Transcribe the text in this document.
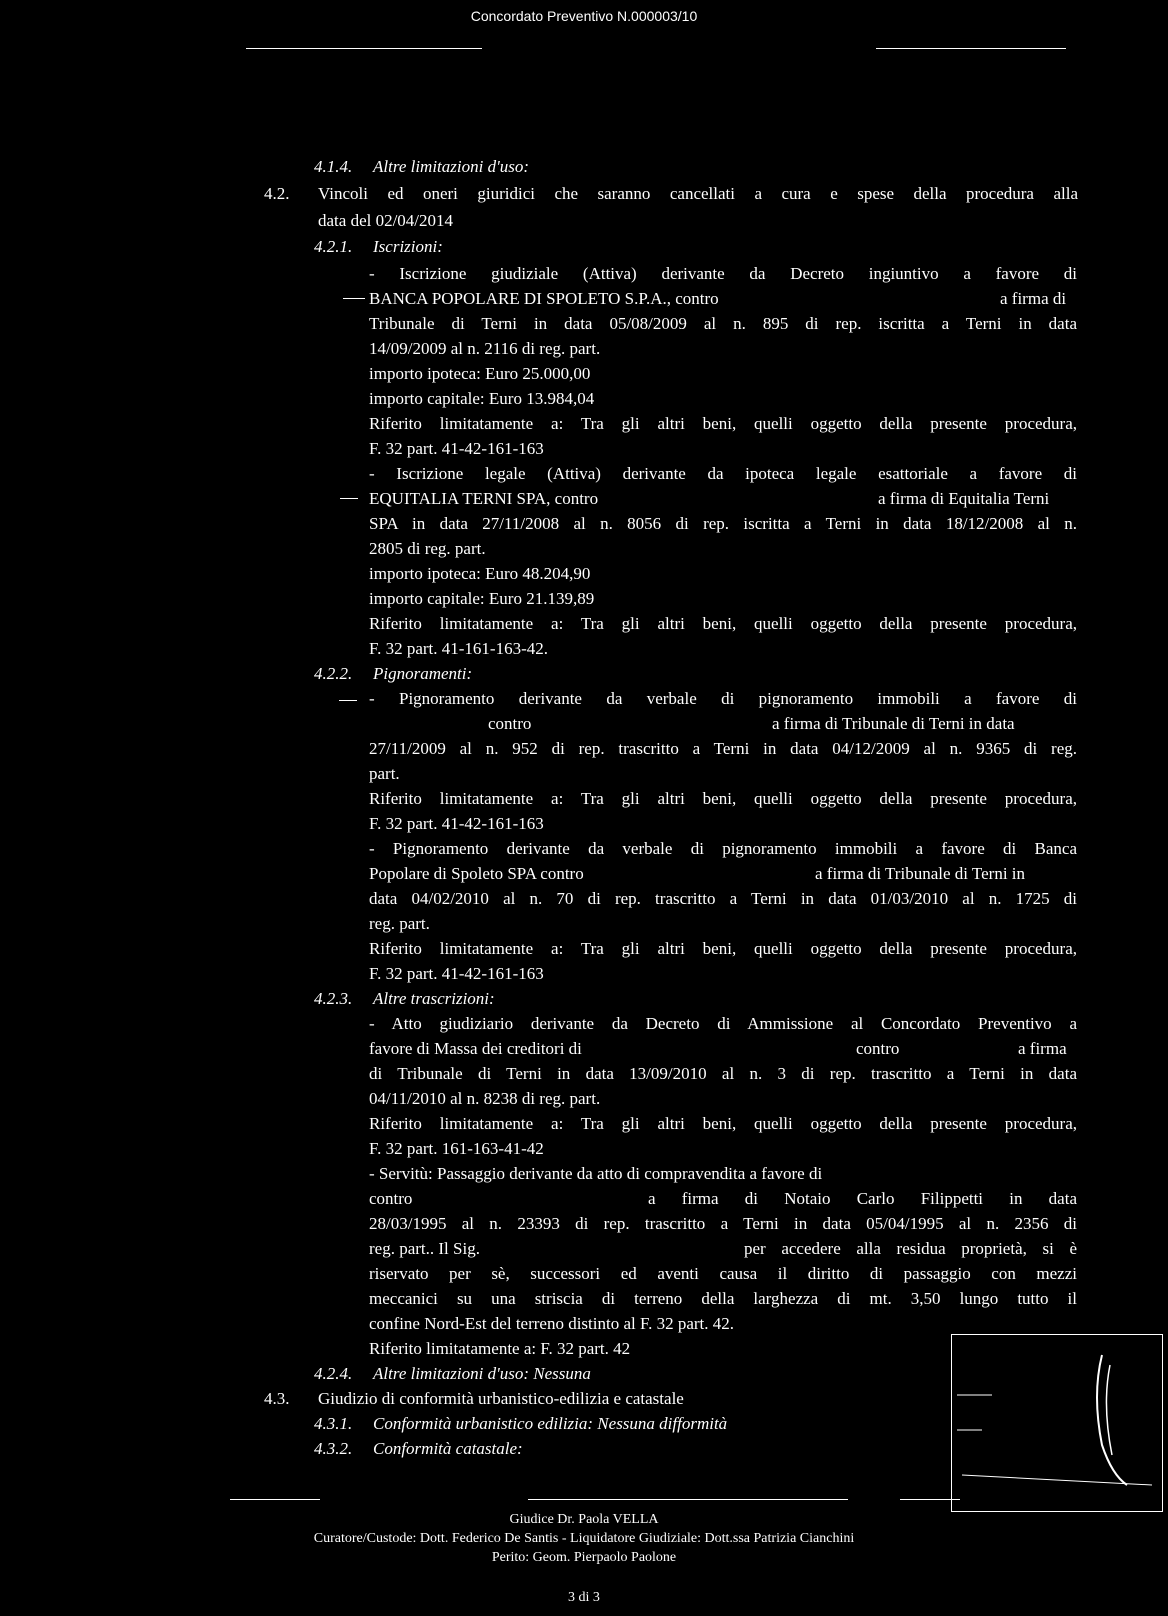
Concordato Preventivo N.000003/10
4.1.4. Altre limitazioni d'uso:
4.2. Vincoli ed oneri giuridici che saranno cancellati a cura e spese della procedura alla
data del 02/04/2014
4.2.1. Iscrizioni:
- Iscrizione giudiziale (Attiva) derivante da Decreto ingiuntivo a favore di
BANCA POPOLARE DI SPOLETO S.P.A., contro	a firma di
Tribunale di Terni in data 05/08/2009 al n. 895 di rep. iscritta a Terni in data
14/09/2009 al n. 2116 di reg. part.
importo ipoteca: Euro 25.000,00
importo capitale: Euro 13.984,04
Riferito limitatamente a: Tra gli altri beni, quelli oggetto della presente procedura,
F. 32 part. 41-42-161-163
- Iscrizione legale (Attiva) derivante da ipoteca legale esattoriale a favore di
EQUITALIA TERNI SPA, contro	a firma di Equitalia Terni
SPA in data 27/11/2008 al n. 8056 di rep. iscritta a Terni in data 18/12/2008 al n.
2805 di reg. part.
importo ipoteca: Euro 48.204,90
importo capitale: Euro 21.139,89
Riferito limitatamente a: Tra gli altri beni, quelli oggetto della presente procedura,
F. 32 part. 41-161-163-42.
4.2.2. Pignoramenti:
- Pignoramento derivante da verbale di pignoramento immobili a favore di
contro	a firma di Tribunale di Terni in data
27/11/2009 al n. 952 di rep. trascritto a Terni in data 04/12/2009 al n. 9365 di reg.
part.
Riferito limitatamente a: Tra gli altri beni, quelli oggetto della presente procedura,
F. 32 part. 41-42-161-163
- Pignoramento derivante da verbale di pignoramento immobili a favore di Banca
Popolare di Spoleto SPA contro	a firma di Tribunale di Terni in
data 04/02/2010 al n. 70 di rep. trascritto a Terni in data 01/03/2010 al n. 1725 di
reg. part.
Riferito limitatamente a: Tra gli altri beni, quelli oggetto della presente procedura,
F. 32 part. 41-42-161-163
4.2.3. Altre trascrizioni:
- Atto giudiziario derivante da Decreto di Ammissione al Concordato Preventivo a
favore di Massa dei creditori di	contro	a firma
di Tribunale di Terni in data 13/09/2010 al n. 3 di rep. trascritto a Terni in data
04/11/2010 al n. 8238 di reg. part.
Riferito limitatamente a: Tra gli altri beni, quelli oggetto della presente procedura,
F. 32 part. 161-163-41-42
- Servitù: Passaggio derivante da atto di compravendita a favore di
contro	a firma di Notaio Carlo Filippetti in data
28/03/1995 al n. 23393 di rep. trascritto a Terni in data 05/04/1995 al n. 2356 di
reg. part.. Il Sig.	per accedere alla residua proprietà, si è
riservato per sè, successori ed aventi causa il diritto di passaggio con mezzi
meccanici su una striscia di terreno della larghezza di mt. 3,50 lungo tutto il
confine Nord-Est del terreno distinto al F. 32 part. 42.
Riferito limitatamente a: F. 32 part. 42
4.2.4. Altre limitazioni d'uso: Nessuna
4.3. Giudizio di conformità urbanistico-edilizia e catastale
4.3.1. Conformità urbanistico edilizia: Nessuna difformità
4.3.2. Conformità catastale:
Giudice Dr. Paola VELLA
Curatore/Custode: Dott. Federico De Santis - Liquidatore Giudiziale: Dott.ssa Patrizia Cianchini
Perito: Geom. Pierpaolo Paolone
3 di 3
